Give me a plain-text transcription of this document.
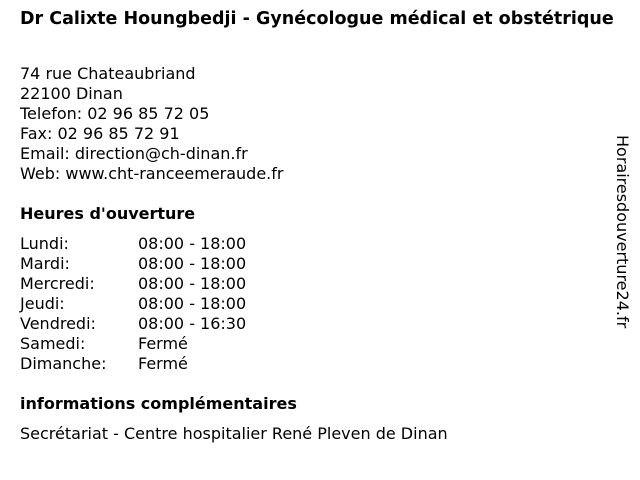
Dr Calixte Houngbedji - Gynécologue médical et obstétrique
74 rue Chateaubriand
22100 Dinan
Telefon: 02 96 85 72 05
Fax: 02 96 85 72 91
Email: direction@ch-dinan.fr
Web: www.cht-ranceemeraude.fr
Heures d'ouverture
Lundi:	08:00 - 18:00
Mardi:	08:00 - 18:00
Mercredi:	08:00 - 18:00
Jeudi:	08:00 - 18:00
Vendredi:	08:00 - 16:30
Samedi:	Fermé
Dimanche: Fermé
informations complémentaires
Secrétariat - Centre hospitalier René Pleven de Dinan
Horairesdouverture24.fr
